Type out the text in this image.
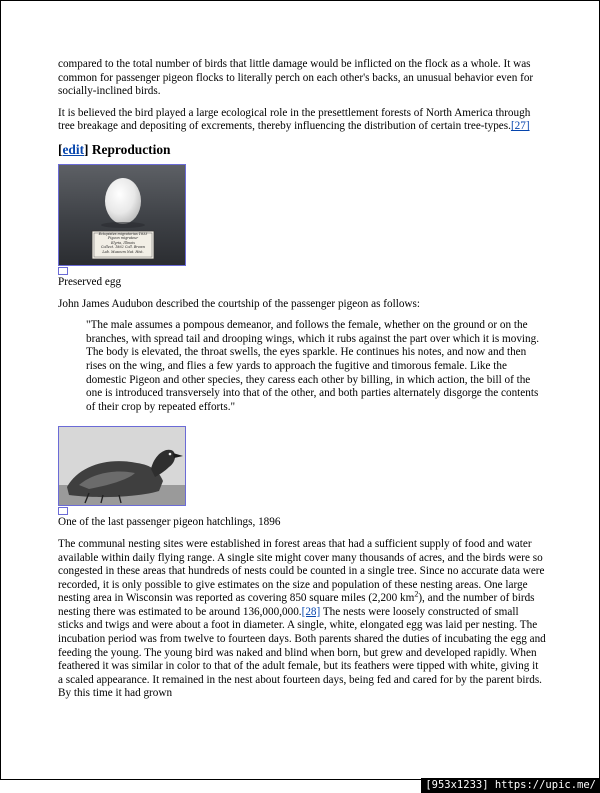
compared to the total number of birds that little damage would be inflicted on the flock as a whole. It was common for passenger pigeon flocks to literally perch on each other's backs, an unusual behavior even for socially-inclined birds.

It is believed the bird played a large ecological role in the presettlement forests of North America through tree breakage and depositing of excrements, thereby influencing the distribution of certain tree-types.[27]

[edit] Reproduction
Ectopistes migratorius 1833
Pigeon migrateur
Elyria, Illinois
Collect. 1862 Coll. Brown
Lab. Museum Nat. Hist.
Preserved egg

John James Audubon described the courtship of the passenger pigeon as follows:

"The male assumes a pompous demeanor, and follows the female, whether on the ground or on the branches, with spread tail and drooping wings, which it rubs against the part over which it is moving. The body is elevated, the throat swells, the eyes sparkle. He continues his notes, and now and then rises on the wing, and flies a few yards to approach the fugitive and timorous female. Like the domestic Pigeon and other species, they caress each other by billing, in which action, the bill of the one is introduced transversely into that of the other, and both parties alternately disgorge the contents of their crop by repeated efforts."
One of the last passenger pigeon hatchlings, 1896

The communal nesting sites were established in forest areas that had a sufficient supply of food and water available within daily flying range. A single site might cover many thousands of acres, and the birds were so congested in these areas that hundreds of nests could be counted in a single tree. Since no accurate data were recorded, it is only possible to give estimates on the size and population of these nesting areas. One large nesting area in Wisconsin was reported as covering 850 square miles (2,200 $km^2$), and the number of birds nesting there was estimated to be around 136,000,000.[28] The nests were loosely constructed of small sticks and twigs and were about a foot in diameter. A single, white, elongated egg was laid per nesting. The incubation period was from twelve to fourteen days. Both parents shared the duties of incubating the egg and feeding the young. The young bird was naked and blind when born, but grew and developed rapidly. When feathered it was similar in color to that of the adult female, but its feathers were tipped with white, giving it a scaled appearance. It remained in the nest about fourteen days, being fed and cared for by the parent birds. By this time it had grown

[953x1233] https://upic.me/
